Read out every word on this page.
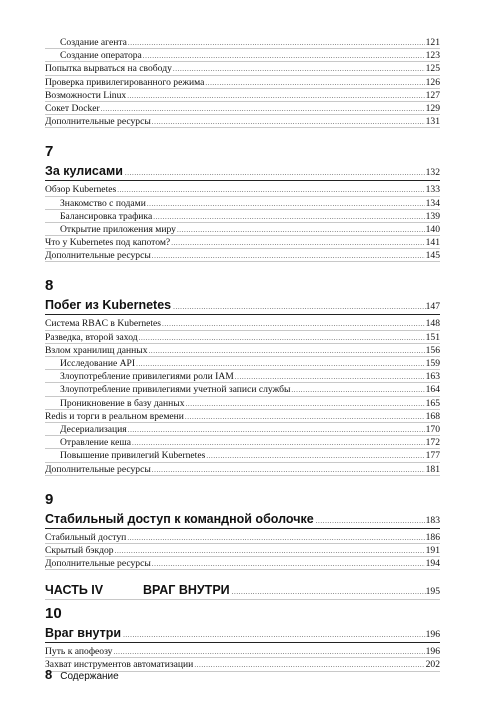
Создание агента .....	121
Создание оператора .....	123
Попытка вырваться на свободу .....	125
Проверка привилегированного режима .....	126
Возможности Linux .....	127
Сокет Docker .....	129
Дополнительные ресурсы .....	131
7
За кулисами .....	132
Обзор Kubernetes .....	133
Знакомство с подами .....	134
Балансировка трафика .....	139
Открытие приложения миру .....	140
Что у Kubernetes под капотом? .....	141
Дополнительные ресурсы .....	145
8
Побег из Kubernetes .....	147
Система RBAC в Kubernetes .....	148
Разведка, второй заход .....	151
Взлом хранилищ данных .....	156
Исследование API .....	159
Злоупотребление привилегиями роли IAM .....	163
Злоупотребление привилегиями учетной записи службы .....	164
Проникновение в базу данных .....	165
Redis и торги в реальном времени .....	168
Десериализация .....	170
Отравление кеша .....	172
Повышение привилегий Kubernetes .....	177
Дополнительные ресурсы .....	181
9
Стабильный доступ к командной оболочке .....	183
Стабильный доступ .....	186
Скрытый бэкдор .....	191
Дополнительные ресурсы .....	194
ЧАСТЬ IV	ВРАГ ВНУТРИ .....	195
10
Враг внутри .....	196
Путь к апофеозу .....	196
Захват инструментов автоматизации .....	202
8 Содержание
